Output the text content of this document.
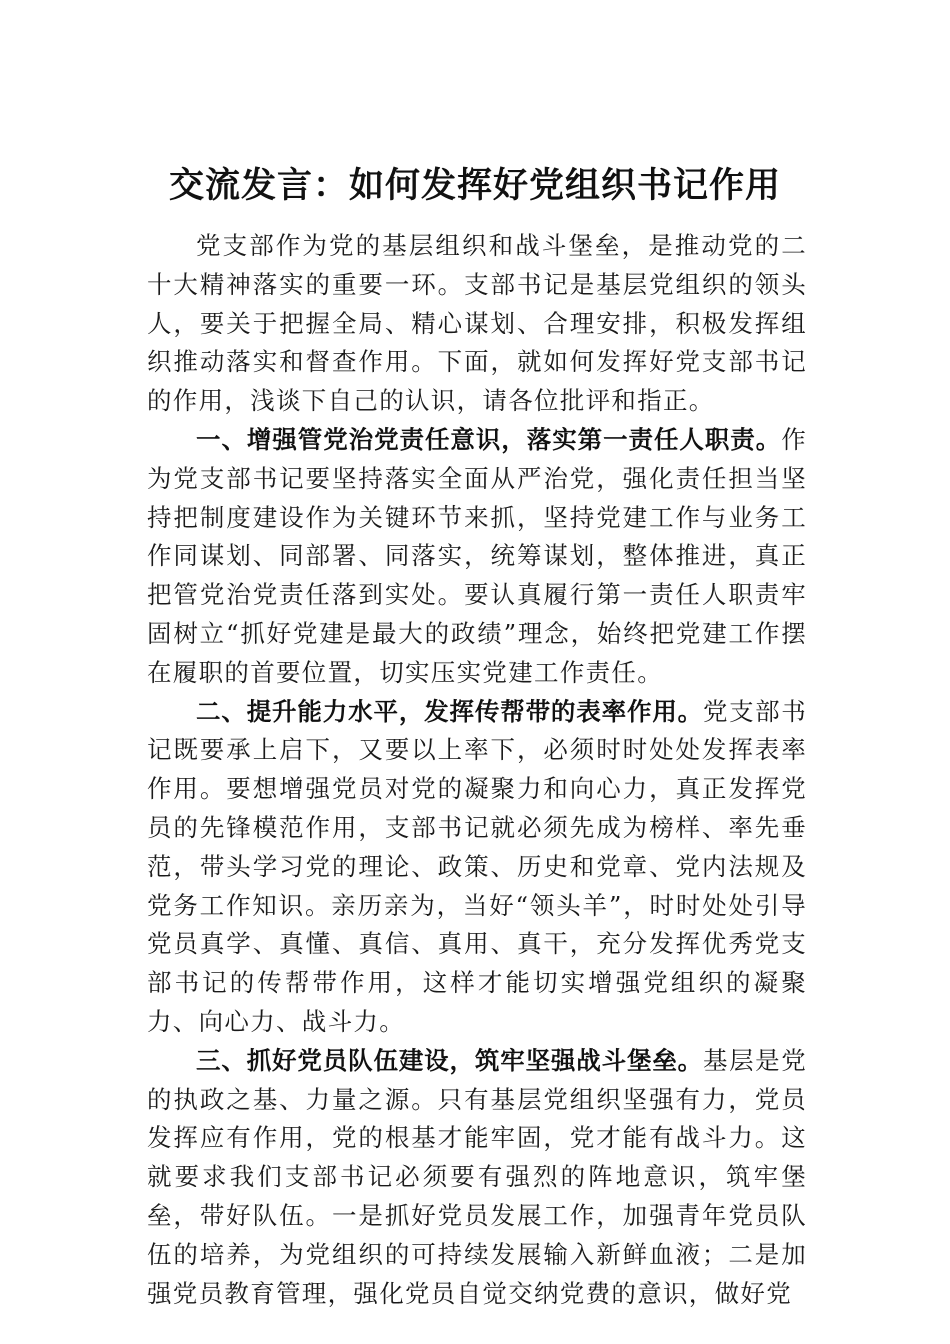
交流发言：如何发挥好党组织书记作用

党支部作为党的基层组织和战斗堡垒，是推动党的二十大精神落实的重要一环。支部书记是基层党组织的领头人，要关于把握全局、精心谋划、合理安排，积极发挥组织推动落实和督查作用。下面，就如何发挥好党支部书记的作用，浅谈下自己的认识，请各位批评和指正。

一、增强管党治党责任意识，落实第一责任人职责。作为党支部书记要坚持落实全面从严治党，强化责任担当坚持把制度建设作为关键环节来抓，坚持党建工作与业务工作同谋划、同部署、同落实，统筹谋划，整体推进，真正把管党治党责任落到实处。要认真履行第一责任人职责牢固树立“抓好党建是最大的政绩”理念，始终把党建工作摆在履职的首要位置，切实压实党建工作责任。

二、提升能力水平，发挥传帮带的表率作用。党支部书记既要承上启下，又要以上率下，必须时时处处发挥表率作用。要想增强党员对党的凝聚力和向心力，真正发挥党员的先锋模范作用，支部书记就必须先成为榜样、率先垂范，带头学习党的理论、政策、历史和党章、党内法规及党务工作知识。亲历亲为，当好“领头羊”，时时处处引导党员真学、真懂、真信、真用、真干，充分发挥优秀党支部书记的传帮带作用，这样才能切实增强党组织的凝聚力、向心力、战斗力。

三、抓好党员队伍建设，筑牢坚强战斗堡垒。基层是党的执政之基、力量之源。只有基层党组织坚强有力，党员发挥应有作用，党的根基才能牢固，党才能有战斗力。这就要求我们支部书记必须要有强烈的阵地意识，筑牢堡垒，带好队伍。一是抓好党员发展工作，加强青年党员队伍的培养，为党组织的可持续发展输入新鲜血液；二是加强党员教育管理，强化党员自觉交纳党费的意识，做好党
